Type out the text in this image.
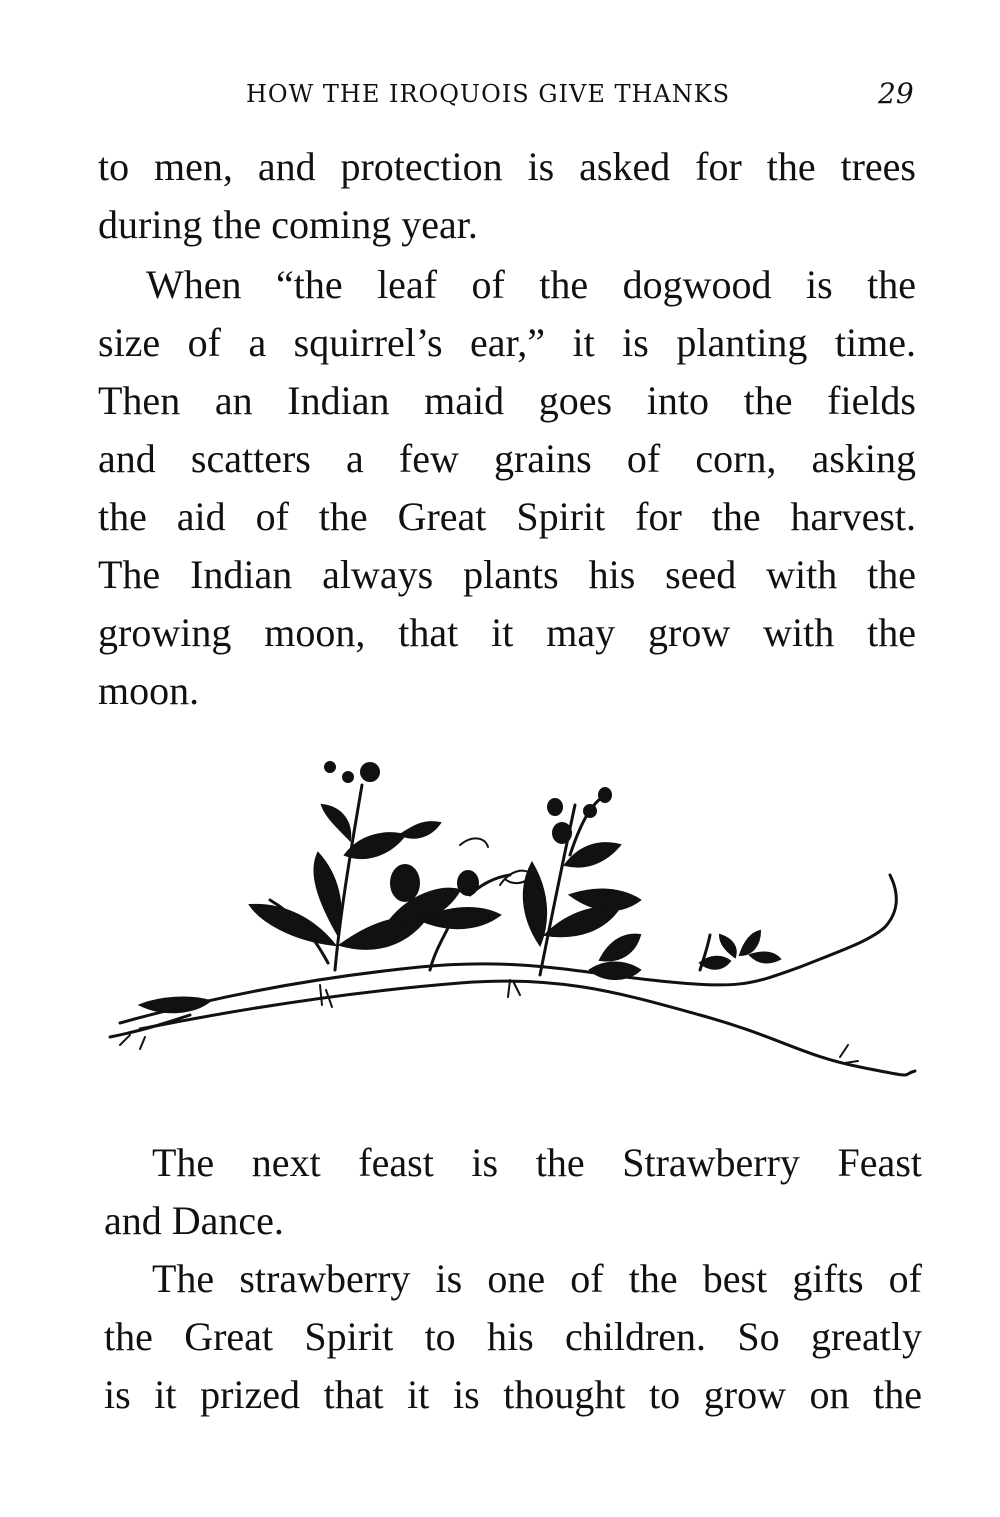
HOW THE IROQUOIS GIVE THANKS	29

to men, and protection is asked for the trees
during the coming year.

When “the leaf of the dogwood is the
size of a squirrel’s ear,” it is planting time.
Then an Indian maid goes into the fields
and scatters a few grains of corn, asking
the aid of the Great Spirit for the harvest.
The Indian always plants his seed with the
growing moon, that it may grow with the
moon.

The next feast is the Strawberry Feast
and Dance.

The strawberry is one of the best gifts of
the Great Spirit to his children. So greatly
is it prized that it is thought to grow on the
